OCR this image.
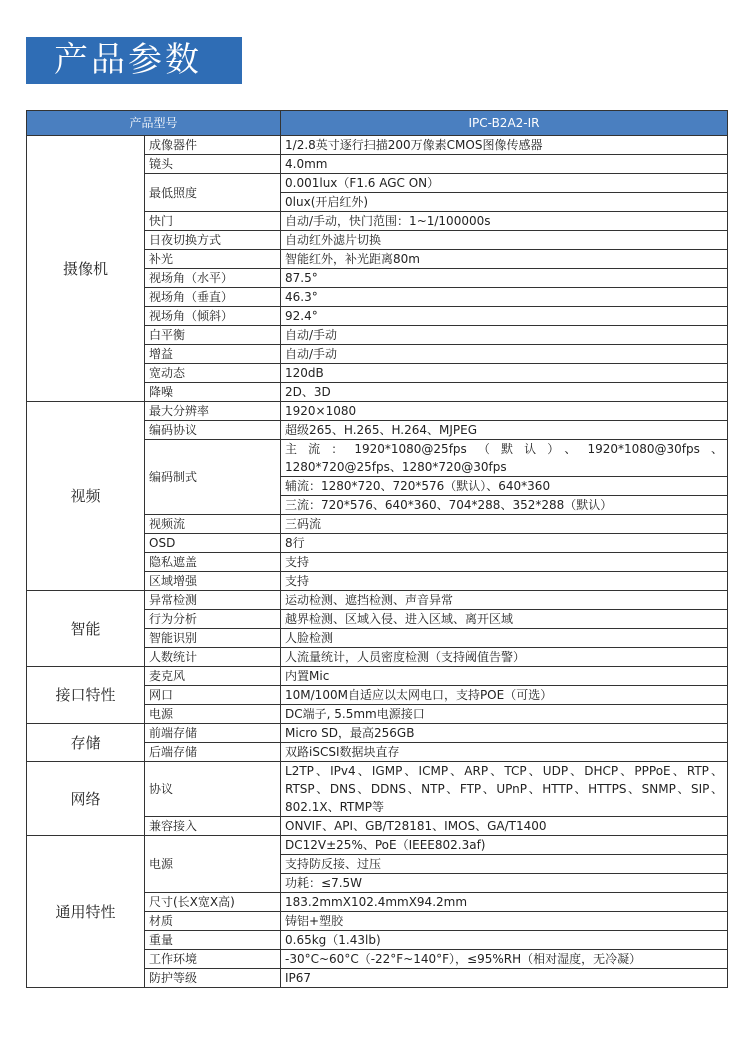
产品参数
产品型号		IPC-B2A2-IR
摄像机	成像器件	1/2.8英寸逐行扫描200万像素CMOS图像传感器
	镜头	4.0mm
	最低照度	0.001lux（F1.6 AGC ON）
		0lux(开启红外)
	快门	自动/手动，快门范围：1~1/100000s
	日夜切换方式	自动红外滤片切换
	补光	智能红外，补光距离80m
	视场角（水平）	87.5°
	视场角（垂直）	46.3°
	视场角（倾斜）	92.4°
	白平衡	自动/手动
	增益	自动/手动
	宽动态	120dB
	降噪	2D、3D
视频	最大分辨率	1920×1080
	编码协议	超级265、H.265、H.264、MJPEG
	编码制式	主流：1920*1080@25fps（默认）、1920*1080@30fps、1280*720@25fps、1280*720@30fps
		辅流：1280*720、720*576（默认）、640*360
		三流：720*576、640*360、704*288、352*288（默认）
	视频流	三码流
	OSD	8行
	隐私遮盖	支持
	区域增强	支持
智能	异常检测	运动检测、遮挡检测、声音异常
	行为分析	越界检测、区域入侵、进入区域、离开区域
	智能识别	人脸检测
	人数统计	人流量统计，人员密度检测（支持阈值告警）
接口特性	麦克风	内置Mic
	网口	10M/100M自适应以太网电口，支持POE（可选）
	电源	DC端子, 5.5mm电源接口
存储	前端存储	Micro SD，最高256GB
	后端存储	双路iSCSI数据块直存
网络	协议	L2TP、IPv4、IGMP、ICMP、ARP、TCP、UDP、DHCP、PPPoE、RTP、RTSP、DNS、DDNS、NTP、FTP、UPnP、HTTP、HTTPS、SNMP、SIP、802.1X、RTMP等
	兼容接入	ONVIF、API、GB/T28181、IMOS、GA/T1400
通用特性	电源	DC12V±25%、PoE（IEEE802.3af)
		支持防反接、过压
		功耗：≤7.5W
	尺寸(长X宽X高)	183.2mmX102.4mmX94.2mm
	材质	铸铝+塑胶
	重量	0.65kg（1.43lb)
	工作环境	-30°C~60°C（-22°F~140°F），≤95%RH（相对湿度，无冷凝）
	防护等级	IP67
